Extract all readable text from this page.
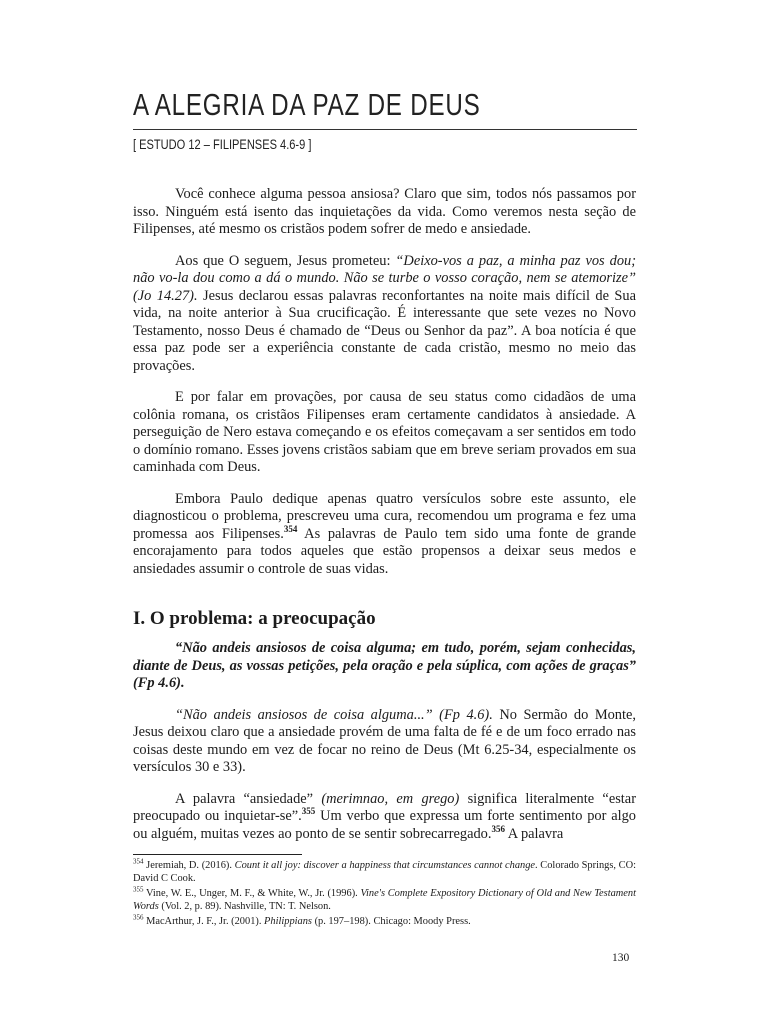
A ALEGRIA DA PAZ DE DEUS
[ ESTUDO 12 – FILIPENSES 4.6-9 ]

Você conhece alguma pessoa ansiosa? Claro que sim, todos nós passamos por isso. Ninguém está isento das inquietações da vida. Como veremos nesta seção de Filipenses, até mesmo os cristãos podem sofrer de medo e ansiedade.

Aos que O seguem, Jesus prometeu: “Deixo-vos a paz, a minha paz vos dou; não vo-la dou como a dá o mundo. Não se turbe o vosso coração, nem se atemorize” (Jo 14.27). Jesus declarou essas palavras reconfortantes na noite mais difícil de Sua vida, na noite anterior à Sua crucificação. É interessante que sete vezes no Novo Testamento, nosso Deus é chamado de “Deus ou Senhor da paz”. A boa notícia é que essa paz pode ser a experiência constante de cada cristão, mesmo no meio das provações.

E por falar em provações, por causa de seu status como cidadãos de uma colônia romana, os cristãos Filipenses eram certamente candidatos à ansiedade. A perseguição de Nero estava começando e os efeitos começavam a ser sentidos em todo o domínio romano. Esses jovens cristãos sabiam que em breve seriam provados em sua caminhada com Deus.

Embora Paulo dedique apenas quatro versículos sobre este assunto, ele diagnosticou o problema, prescreveu uma cura, recomendou um programa e fez uma promessa aos Filipenses.$^{354}$ As palavras de Paulo tem sido uma fonte de grande encorajamento para todos aqueles que estão propensos a deixar seus medos e ansiedades assumir o controle de suas vidas.

I. O problema: a preocupação

“Não andeis ansiosos de coisa alguma; em tudo, porém, sejam conhecidas, diante de Deus, as vossas petições, pela oração e pela súplica, com ações de graças” (Fp 4.6).

“Não andeis ansiosos de coisa alguma...” (Fp 4.6). No Sermão do Monte, Jesus deixou claro que a ansiedade provém de uma falta de fé e de um foco errado nas coisas deste mundo em vez de focar no reino de Deus (Mt 6.25-34, especialmente os versículos 30 e 33).

A palavra “ansiedade” (merimnao, em grego) significa literalmente “estar preocupado ou inquietar-se”.$^{355}$ Um verbo que expressa um forte sentimento por algo ou alguém, muitas vezes ao ponto de se sentir sobrecarregado.$^{356}$ A palavra

$^{354}$ Jeremiah, D. (2016). Count it all joy: discover a happiness that circumstances cannot change. Colorado Springs, CO: David C Cook.
$^{355}$ Vine, W. E., Unger, M. F., & White, W., Jr. (1996). Vine's Complete Expository Dictionary of Old and New Testament Words (Vol. 2, p. 89). Nashville, TN: T. Nelson.
$^{356}$ MacArthur, J. F., Jr. (2001). Philippians (p. 197–198). Chicago: Moody Press.
130
